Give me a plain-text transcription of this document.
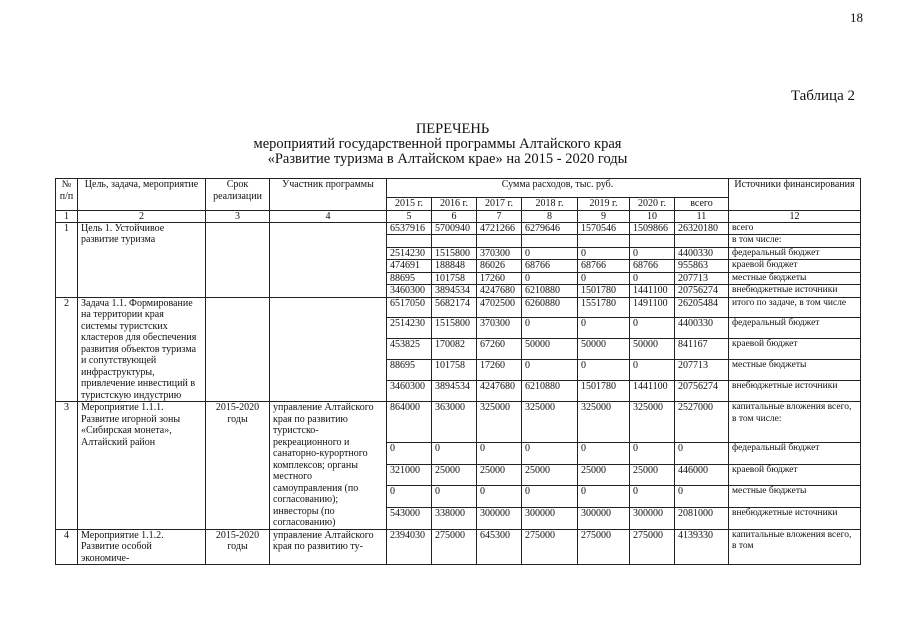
18
Таблица 2
ПЕРЕЧЕНЬ
мероприятий государственной программы Алтайского края
«Развитие туризма в Алтайском крае» на 2015 - 2020 годы
№ п/п	Цель, задача, мероприятие	Срок реализации	Участник программы	Сумма расходов, тыс. руб.							Источники финансирования
				2015 г.	2016 г.	2017 г.	2018 г.	2019 г.	2020 г.	всего	
1	2	3	4	5	6	7	8	9	10	11	12
1	Цель 1. Устойчивое развитие туризма			6537916	5700940	4721266	6279646	1570546	1509866	26320180	всего
											в том числе:
				2514230	1515800	370300	0	0	0	4400330	федеральный бюджет
				474691	188848	86026	68766	68766	68766	955863	краевой бюджет
				88695	101758	17260	0	0	0	207713	местные бюджеты
				3460300	3894534	4247680	6210880	1501780	1441100	20756274	внебюджетные источники
2	Задача 1.1. Формирование на территории края системы туристских кластеров для обеспечения развития объектов туризма и сопутствующей инфраструктуры, привлечение инвестиций в туристскую индустрию			6517050	5682174	4702500	6260880	1551780	1491100	26205484	итого по задаче, в том числе
				2514230	1515800	370300	0	0	0	4400330	федеральный бюджет
				453825	170082	67260	50000	50000	50000	841167	краевой бюджет
				88695	101758	17260	0	0	0	207713	местные бюджеты
				3460300	3894534	4247680	6210880	1501780	1441100	20756274	внебюджетные источники
3	Мероприятие 1.1.1. Развитие игорной зоны «Сибирская монета», Алтайский район	2015-2020 годы	управление Алтайского края по развитию туристско-рекреационного и санаторно-курортного комплексов; органы местного самоуправления (по согласованию); инвесторы (по согласованию)	864000	363000	325000	325000	325000	325000	2527000	капитальные вложения всего, в том числе:
				0	0	0	0	0	0	0	федеральный бюджет
				321000	25000	25000	25000	25000	25000	446000	краевой бюджет
				0	0	0	0	0	0	0	местные бюджеты
				543000	338000	300000	300000	300000	300000	2081000	внебюджетные источники
4	Мероприятие 1.1.2. Развитие особой экономиче-	2015-2020 годы	управление Алтайского края по развитию ту-	2394030	275000	645300	275000	275000	275000	4139330	капитальные вложения всего, в том
